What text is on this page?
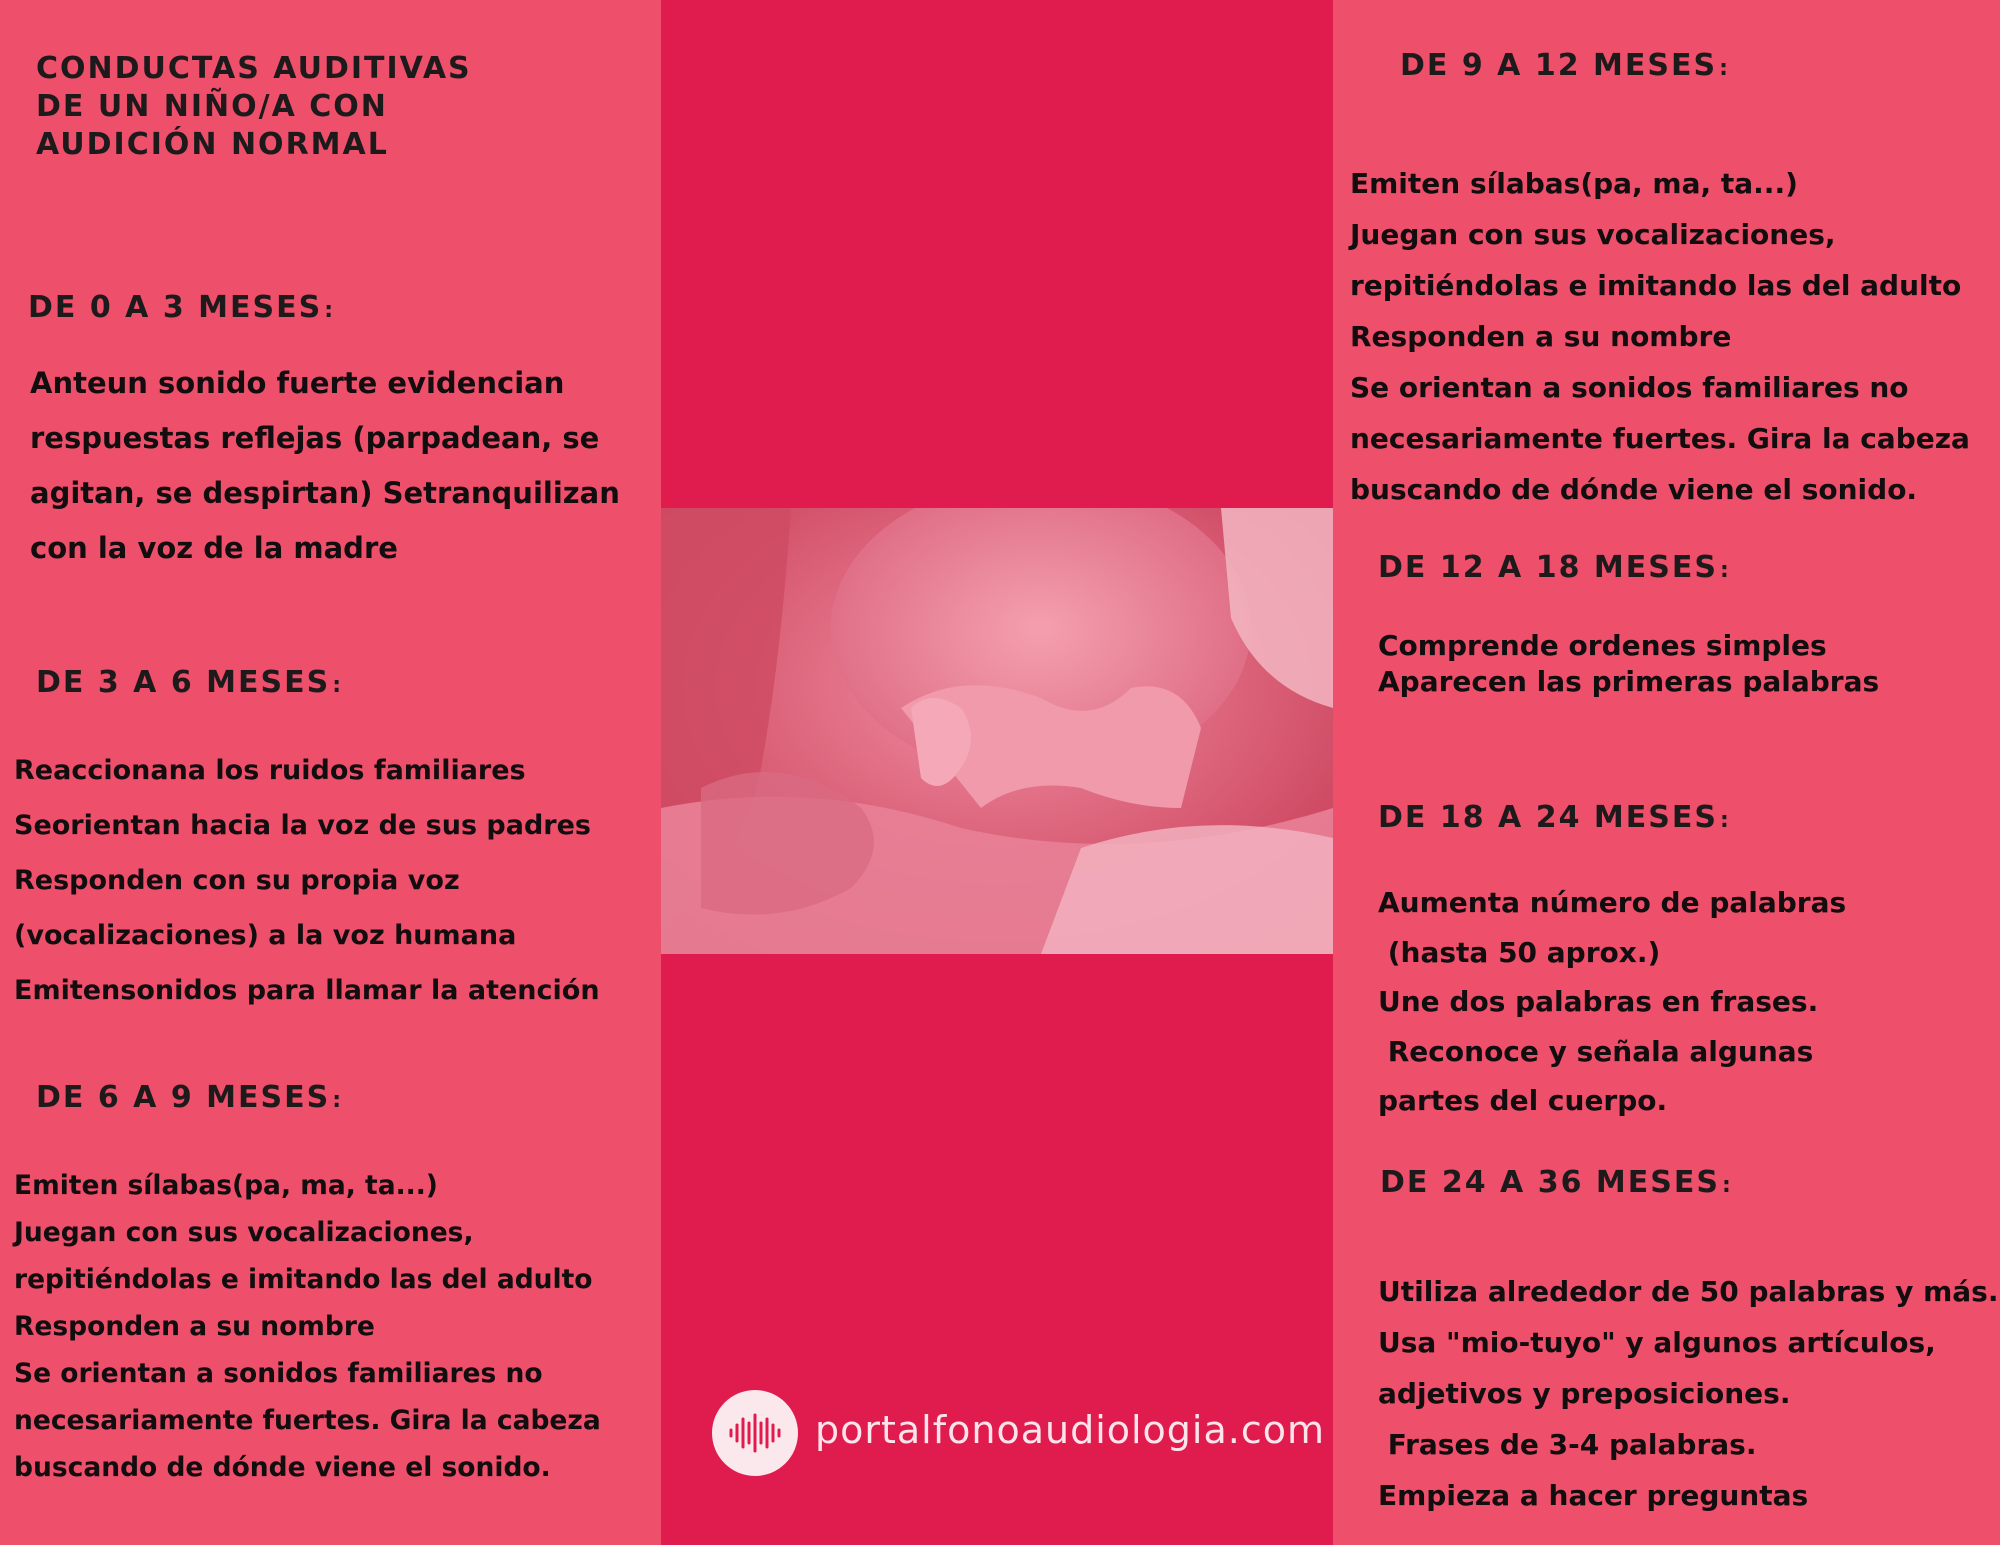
CONDUCTAS AUDITIVAS
DE UN NIÑO/A CON
AUDICIÓN NORMAL
DE 0 A 3 MESES:
Anteun sonido fuerte evidencian
respuestas reflejas (parpadean, se
agitan, se despirtan) Setranquilizan
con la voz de la madre
DE 3 A 6 MESES:
Reaccionana los ruidos familiares
Seorientan hacia la voz de sus padres
Responden con su propia voz
(vocalizaciones) a la voz humana
Emitensonidos para llamar la atención
DE 6 A 9 MESES:
Emiten sílabas(pa, ma, ta...)
Juegan con sus vocalizaciones,
repitiéndolas e imitando las del adulto
Responden a su nombre
Se orientan a sonidos familiares no
necesariamente fuertes. Gira la cabeza
buscando de dónde viene el sonido.
DE 9 A 12 MESES:
Emiten sílabas(pa, ma, ta...)
Juegan con sus vocalizaciones,
repitiéndolas e imitando las del adulto
Responden a su nombre
Se orientan a sonidos familiares no
necesariamente fuertes. Gira la cabeza
buscando de dónde viene el sonido.
DE 12 A 18 MESES:
Comprende ordenes simples
Aparecen las primeras palabras
DE 18 A 24 MESES:
Aumenta número de palabras
(hasta 50 aprox.)
Une dos palabras en frases.
Reconoce y señala algunas
partes del cuerpo.
DE 24 A 36 MESES:
Utiliza alrededor de 50 palabras y más.
Usa "mio-tuyo" y algunos artículos,
adjetivos y preposiciones.
Frases de 3-4 palabras.
Empieza a hacer preguntas

portalfonoaudiologia.com
